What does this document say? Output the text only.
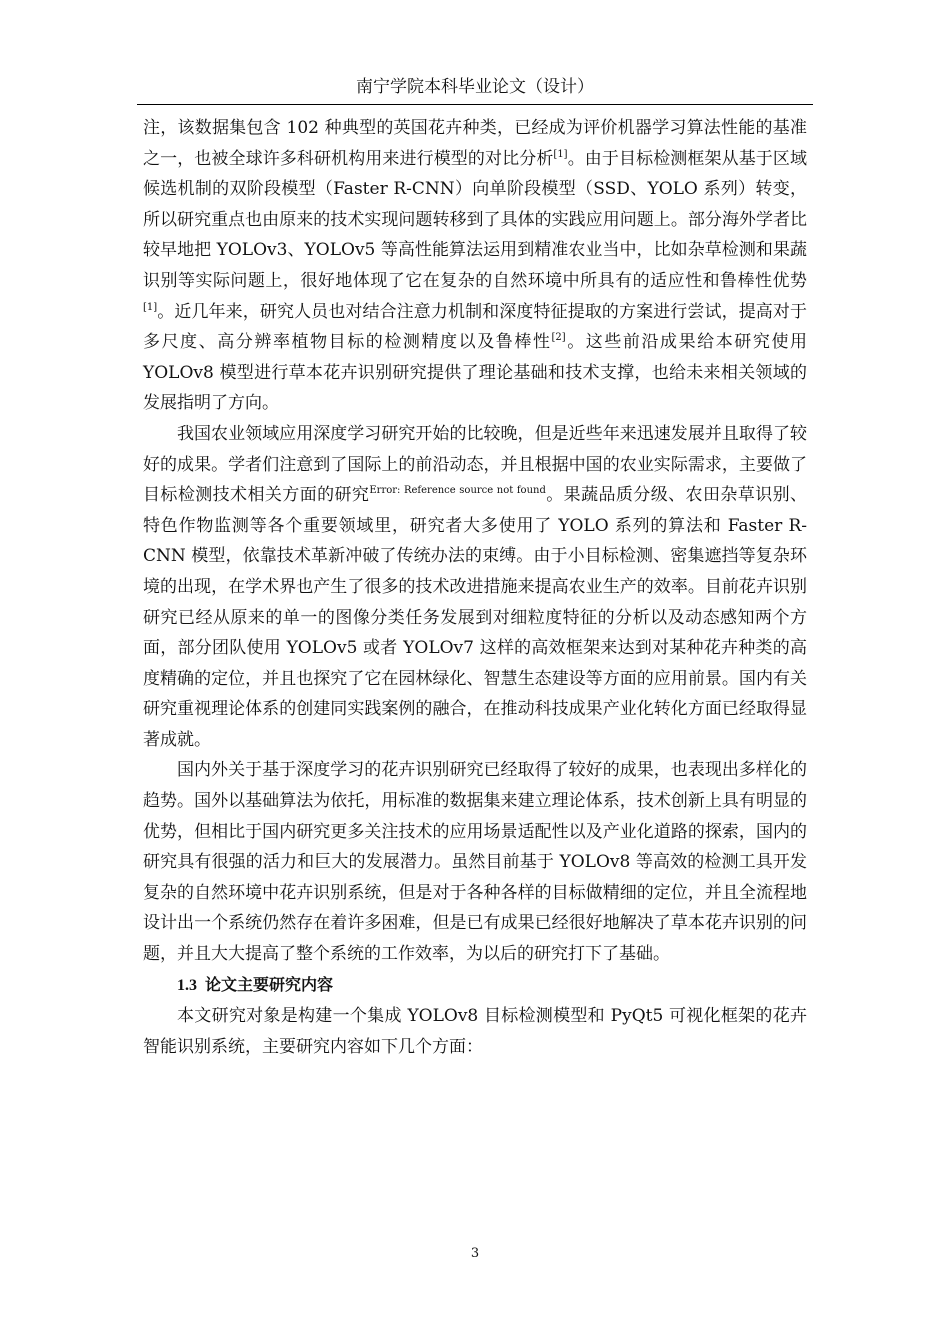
南宁学院本科毕业论文（设计）

注，该数据集包含 102 种典型的英国花卉种类，已经成为评价机器学习算法性能的基准之一，也被全球许多科研机构用来进行模型的对比分析[1]。由于目标检测框架从基于区域候选机制的双阶段模型（Faster R-CNN）向单阶段模型（SSD、YOLO 系列）转变，所以研究重点也由原来的技术实现问题转移到了具体的实践应用问题上。部分海外学者比较早地把 YOLOv3、YOLOv5 等高性能算法运用到精准农业当中，比如杂草检测和果蔬识别等实际问题上，很好地体现了它在复杂的自然环境中所具有的适应性和鲁棒性优势[1]。近几年来，研究人员也对结合注意力机制和深度特征提取的方案进行尝试，提高对于多尺度、高分辨率植物目标的检测精度以及鲁棒性[2]。这些前沿成果给本研究使用 YOLOv8 模型进行草本花卉识别研究提供了理论基础和技术支撑，也给未来相关领域的发展指明了方向。

我国农业领域应用深度学习研究开始的比较晚，但是近些年来迅速发展并且取得了较好的成果。学者们注意到了国际上的前沿动态，并且根据中国的农业实际需求，主要做了目标检测技术相关方面的研究$^{Error: Reference source not found}$。果蔬品质分级、农田杂草识别、特色作物监测等各个重要领域里，研究者大多使用了 YOLO 系列的算法和 Faster R-CNN 模型，依靠技术革新冲破了传统办法的束缚。由于小目标检测、密集遮挡等复杂环境的出现，在学术界也产生了很多的技术改进措施来提高农业生产的效率。目前花卉识别研究已经从原来的单一的图像分类任务发展到对细粒度特征的分析以及动态感知两个方面，部分团队使用 YOLOv5 或者 YOLOv7 这样的高效框架来达到对某种花卉种类的高度精确的定位，并且也探究了它在园林绿化、智慧生态建设等方面的应用前景。国内有关研究重视理论体系的创建同实践案例的融合，在推动科技成果产业化转化方面已经取得显著成就。

国内外关于基于深度学习的花卉识别研究已经取得了较好的成果，也表现出多样化的趋势。国外以基础算法为依托，用标准的数据集来建立理论体系，技术创新上具有明显的优势，但相比于国内研究更多关注技术的应用场景适配性以及产业化道路的探索，国内的研究具有很强的活力和巨大的发展潜力。虽然目前基于 YOLOv8 等高效的检测工具开发复杂的自然环境中花卉识别系统，但是对于各种各样的目标做精细的定位，并且全流程地设计出一个系统仍然存在着许多困难，但是已有成果已经很好地解决了草本花卉识别的问题，并且大大提高了整个系统的工作效率，为以后的研究打下了基础。

1.3 论文主要研究内容

本文研究对象是构建一个集成 YOLOv8 目标检测模型和 PyQt5 可视化框架的花卉智能识别系统，主要研究内容如下几个方面：

3
